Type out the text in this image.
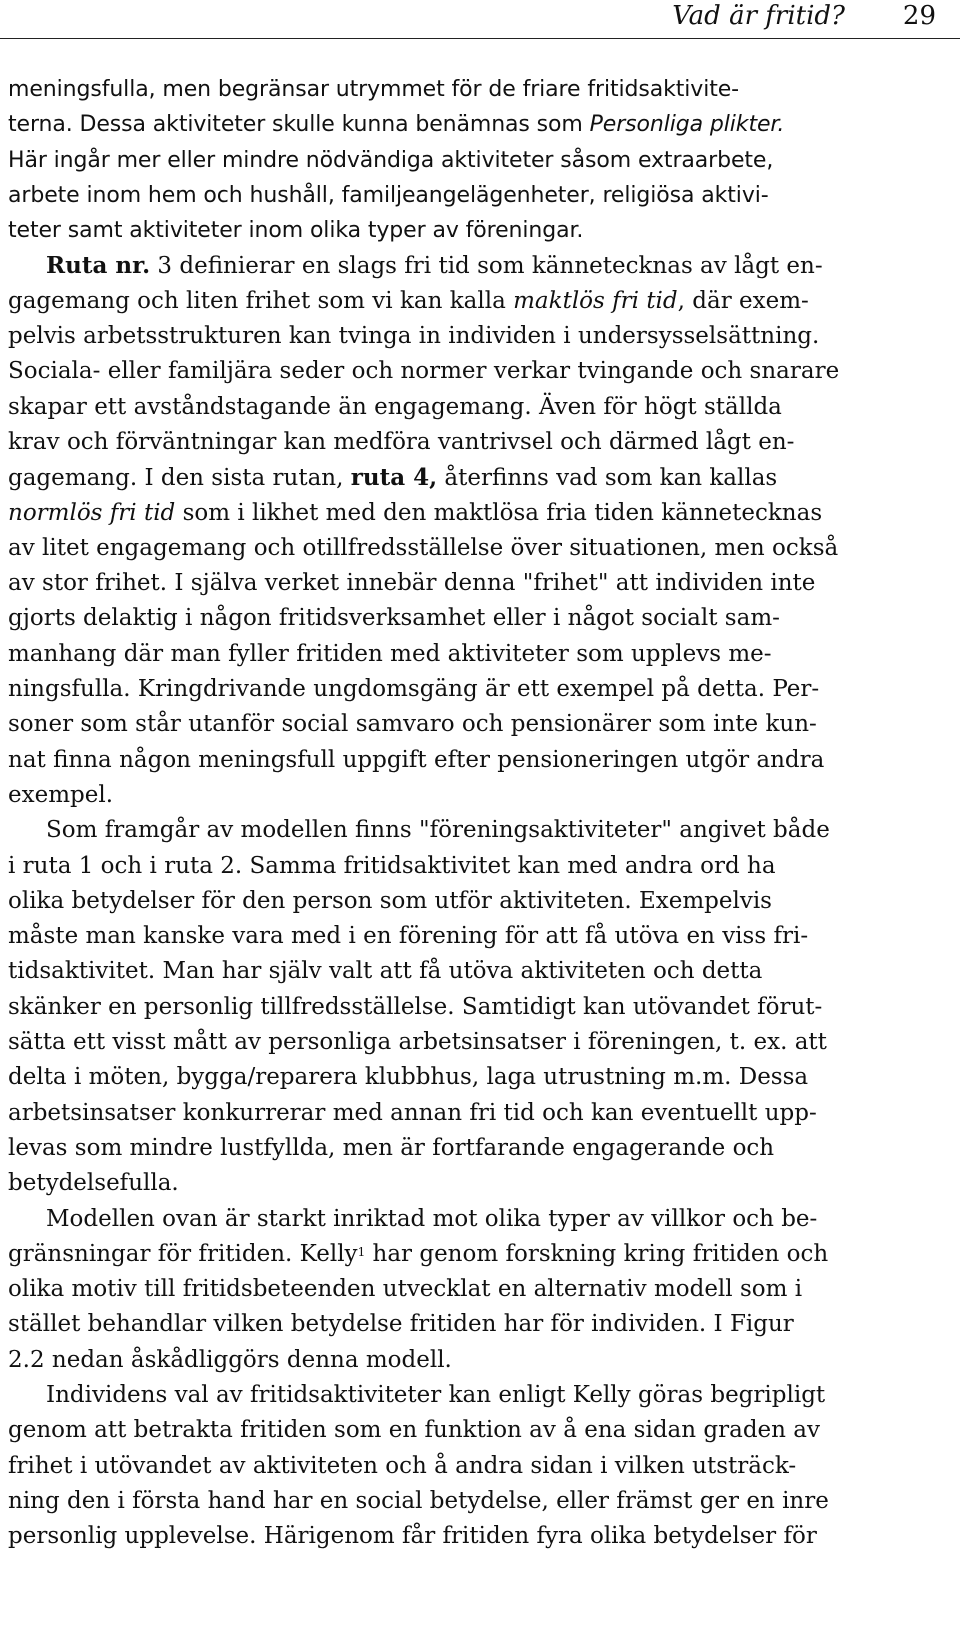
Vad är fritid? 29
meningsfulla, men begränsar utrymmet för de friare fritidsaktivite-
terna. Dessa aktiviteter skulle kunna benämnas som Personliga plikter.
Här ingår mer eller mindre nödvändiga aktiviteter såsom extraarbete,
arbete inom hem och hushåll, familjeangelägenheter, religiösa aktivi-
teter samt aktiviteter inom olika typer av föreningar.
Ruta nr. 3 definierar en slags fri tid som kännetecknas av lågt en-
gagemang och liten frihet som vi kan kalla maktlös fri tid, där exem-
pelvis arbetsstrukturen kan tvinga in individen i undersysselsättning.
Sociala- eller familjära seder och normer verkar tvingande och snarare
skapar ett avståndstagande än engagemang. Även för högt ställda
krav och förväntningar kan medföra vantrivsel och därmed lågt en-
gagemang. I den sista rutan, ruta 4, återfinns vad som kan kallas
normlös fri tid som i likhet med den maktlösa fria tiden kännetecknas
av litet engagemang och otillfredsställelse över situationen, men också
av stor frihet. I själva verket innebär denna "frihet" att individen inte
gjorts delaktig i någon fritidsverksamhet eller i något socialt sam-
manhang där man fyller fritiden med aktiviteter som upplevs me-
ningsfulla. Kringdrivande ungdomsgäng är ett exempel på detta. Per-
soner som står utanför social samvaro och pensionärer som inte kun-
nat finna någon meningsfull uppgift efter pensioneringen utgör andra
exempel.
Som framgår av modellen finns "föreningsaktiviteter" angivet både
i ruta 1 och i ruta 2. Samma fritidsaktivitet kan med andra ord ha
olika betydelser för den person som utför aktiviteten. Exempelvis
måste man kanske vara med i en förening för att få utöva en viss fri-
tidsaktivitet. Man har själv valt att få utöva aktiviteten och detta
skänker en personlig tillfredsställelse. Samtidigt kan utövandet förut-
sätta ett visst mått av personliga arbetsinsatser i föreningen, t. ex. att
delta i möten, bygga/reparera klubbhus, laga utrustning m.m. Dessa
arbetsinsatser konkurrerar med annan fri tid och kan eventuellt upp-
levas som mindre lustfyllda, men är fortfarande engagerande och
betydelsefulla.
Modellen ovan är starkt inriktad mot olika typer av villkor och be-
gränsningar för fritiden. Kelly$^1$ har genom forskning kring fritiden och
olika motiv till fritidsbeteenden utvecklat en alternativ modell som i
stället behandlar vilken betydelse fritiden har för individen. I Figur
2.2 nedan åskådliggörs denna modell.
Individens val av fritidsaktiviteter kan enligt Kelly göras begripligt
genom att betrakta fritiden som en funktion av å ena sidan graden av
frihet i utövandet av aktiviteten och å andra sidan i vilken utsträck-
ning den i första hand har en social betydelse, eller främst ger en inre
personlig upplevelse. Härigenom får fritiden fyra olika betydelser för
